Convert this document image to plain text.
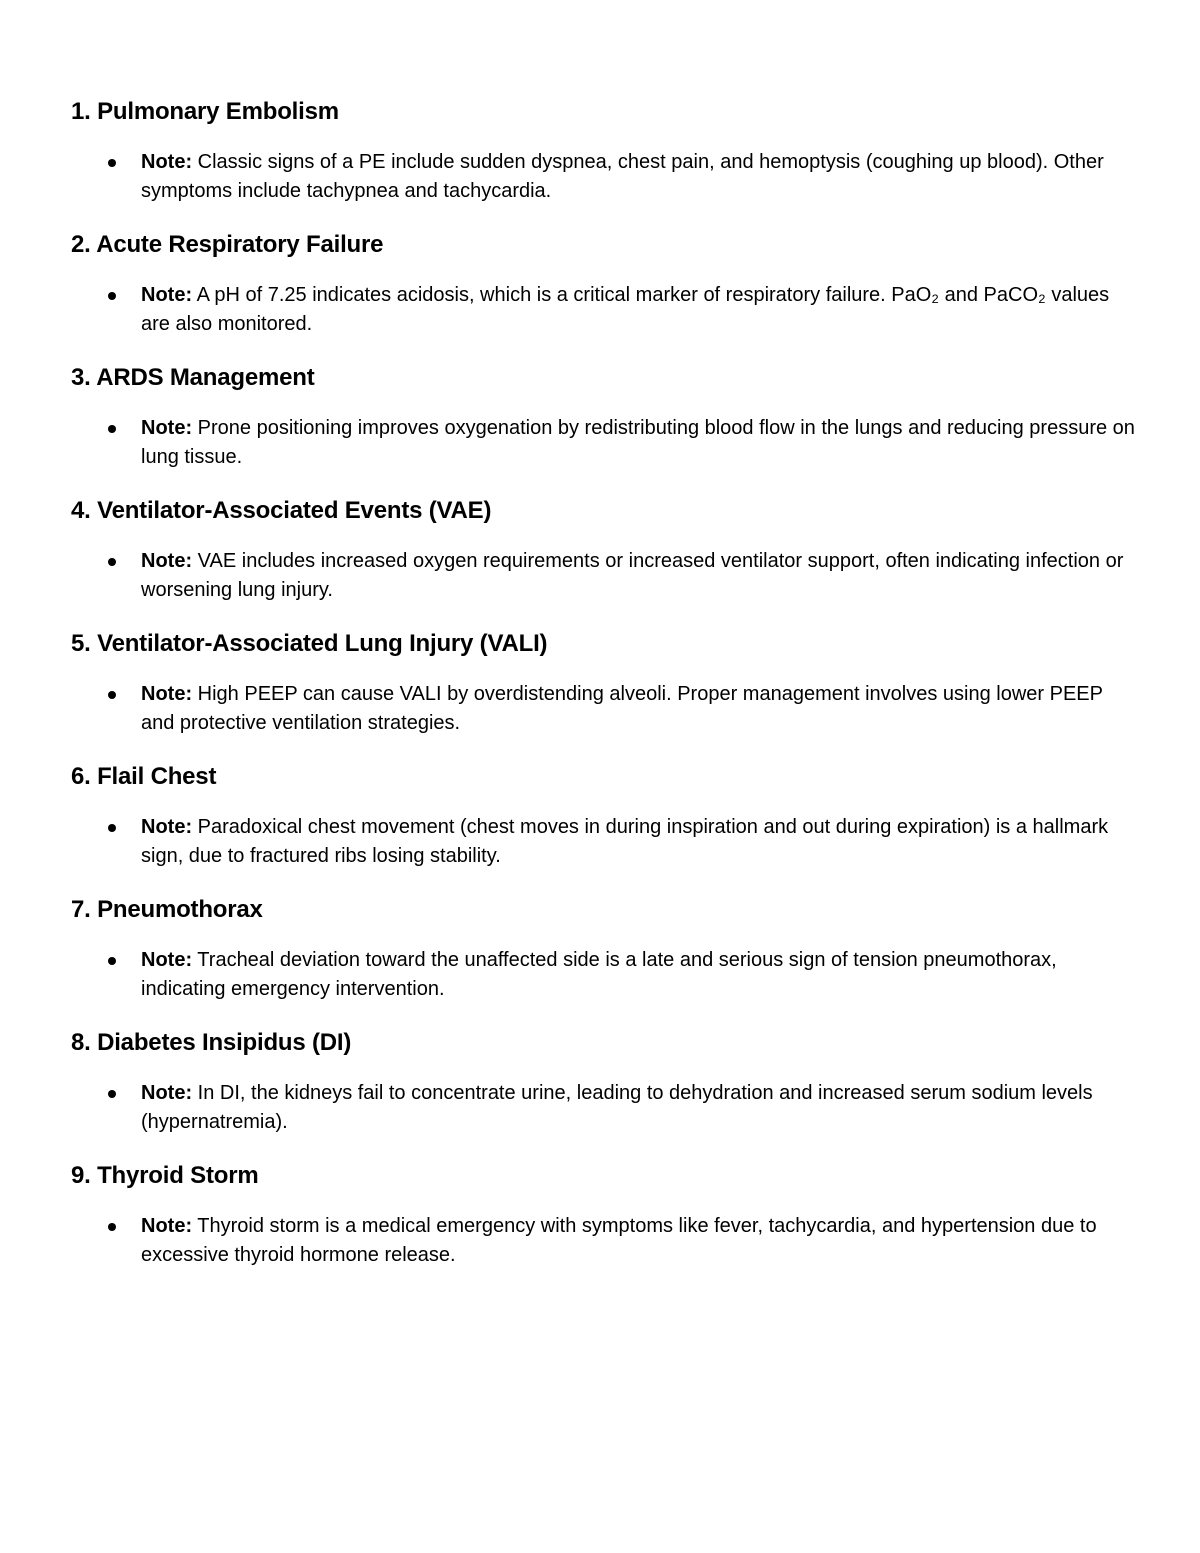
1. Pulmonary Embolism
Note: Classic signs of a PE include sudden dyspnea, chest pain, and hemoptysis (coughing up blood). Other symptoms include tachypnea and tachycardia.
2. Acute Respiratory Failure
Note: A pH of 7.25 indicates acidosis, which is a critical marker of respiratory failure. PaO₂ and PaCO₂ values are also monitored.
3. ARDS Management
Note: Prone positioning improves oxygenation by redistributing blood flow in the lungs and reducing pressure on lung tissue.
4. Ventilator-Associated Events (VAE)
Note: VAE includes increased oxygen requirements or increased ventilator support, often indicating infection or worsening lung injury.
5. Ventilator-Associated Lung Injury (VALI)
Note: High PEEP can cause VALI by overdistending alveoli. Proper management involves using lower PEEP and protective ventilation strategies.
6. Flail Chest
Note: Paradoxical chest movement (chest moves in during inspiration and out during expiration) is a hallmark sign, due to fractured ribs losing stability.
7. Pneumothorax
Note: Tracheal deviation toward the unaffected side is a late and serious sign of tension pneumothorax, indicating emergency intervention.
8. Diabetes Insipidus (DI)
Note: In DI, the kidneys fail to concentrate urine, leading to dehydration and increased serum sodium levels (hypernatremia).
9. Thyroid Storm
Note: Thyroid storm is a medical emergency with symptoms like fever, tachycardia, and hypertension due to excessive thyroid hormone release.
